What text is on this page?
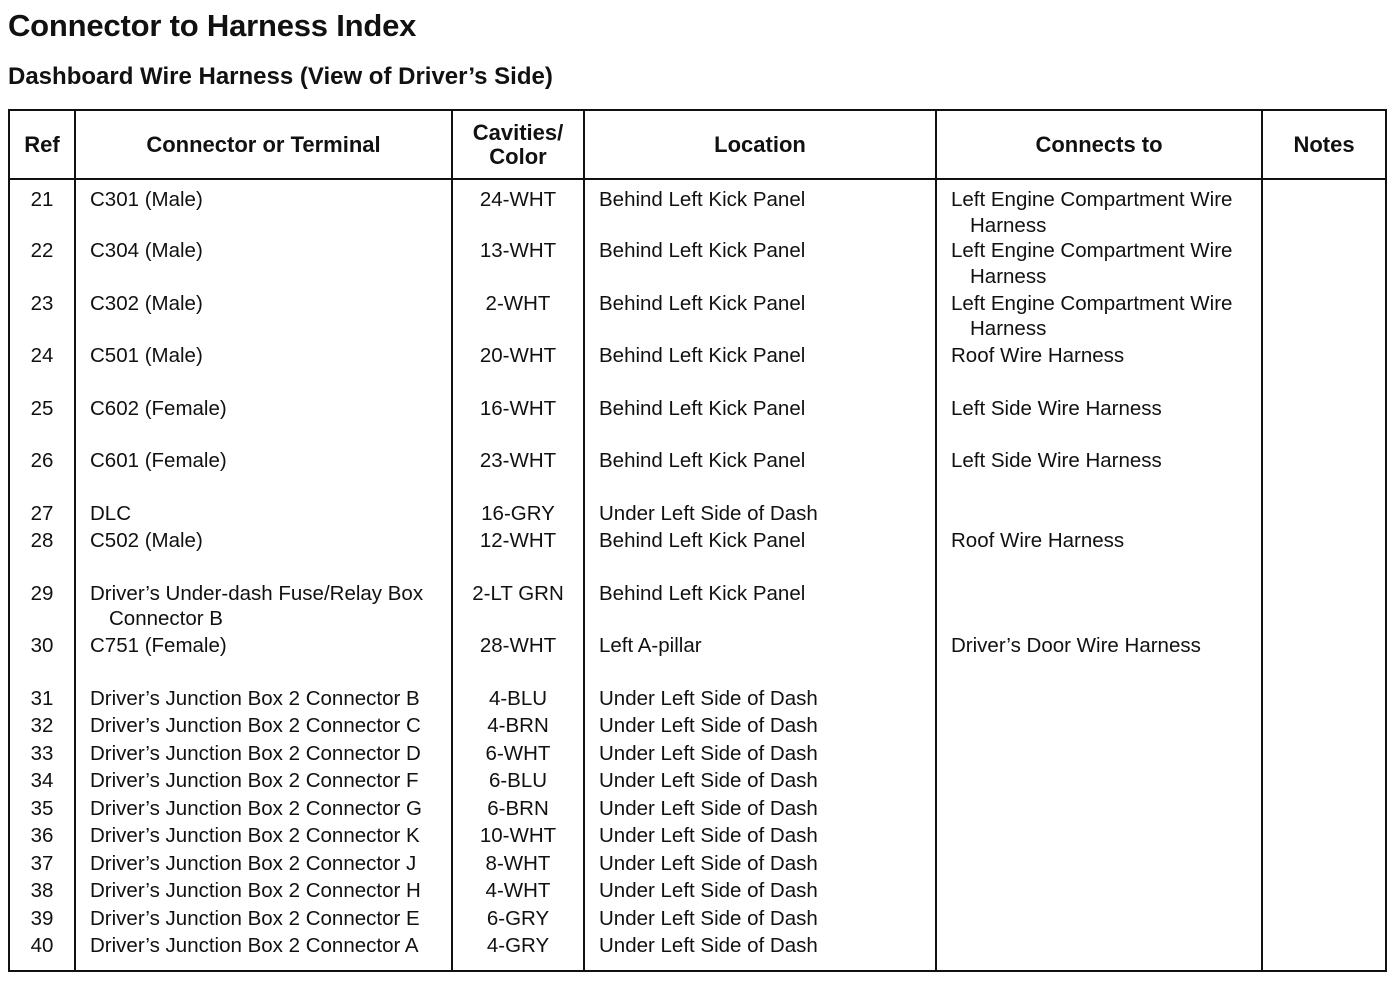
Connector to Harness Index
Dashboard Wire Harness (View of Driver’s Side)
Ref	Connector or Terminal	Cavities/
Color	Location	Connects to	Notes
21	C301 (Male)	24-WHT	Behind Left Kick Panel	Left Engine Compartment Wire
Harness	

22	C304 (Male)	13-WHT	Behind Left Kick Panel	Left Engine Compartment Wire
Harness	

23	C302 (Male)	2-WHT	Behind Left Kick Panel	Left Engine Compartment Wire
Harness	

24	C501 (Male)	20-WHT	Behind Left Kick Panel	Roof Wire Harness	
25	C602 (Female)	16-WHT	Behind Left Kick Panel	Left Side Wire Harness	
26	C601 (Female)	23-WHT	Behind Left Kick Panel	Left Side Wire Harness	
27	DLC	16-GRY	Under Left Side of Dash		
28	C502 (Male)	12-WHT	Behind Left Kick Panel	Roof Wire Harness	
29	Driver’s Under-dash Fuse/Relay Box
Connector B	2-LT GRN	Behind Left Kick Panel		
30	C751 (Female)	28-WHT	Left A-pillar	Driver’s Door Wire Harness	
31	Driver’s Junction Box 2 Connector B	4-BLU	Under Left Side of Dash		
32	Driver’s Junction Box 2 Connector C	4-BRN	Under Left Side of Dash		
33	Driver’s Junction Box 2 Connector D	6-WHT	Under Left Side of Dash		
34	Driver’s Junction Box 2 Connector F	6-BLU	Under Left Side of Dash		
35	Driver’s Junction Box 2 Connector G	6-BRN	Under Left Side of Dash		
36	Driver’s Junction Box 2 Connector K	10-WHT	Under Left Side of Dash		
37	Driver’s Junction Box 2 Connector J	8-WHT	Under Left Side of Dash		
38	Driver’s Junction Box 2 Connector H	4-WHT	Under Left Side of Dash		
39	Driver’s Junction Box 2 Connector E	6-GRY	Under Left Side of Dash		
40	Driver’s Junction Box 2 Connector A	4-GRY	Under Left Side of Dash		
